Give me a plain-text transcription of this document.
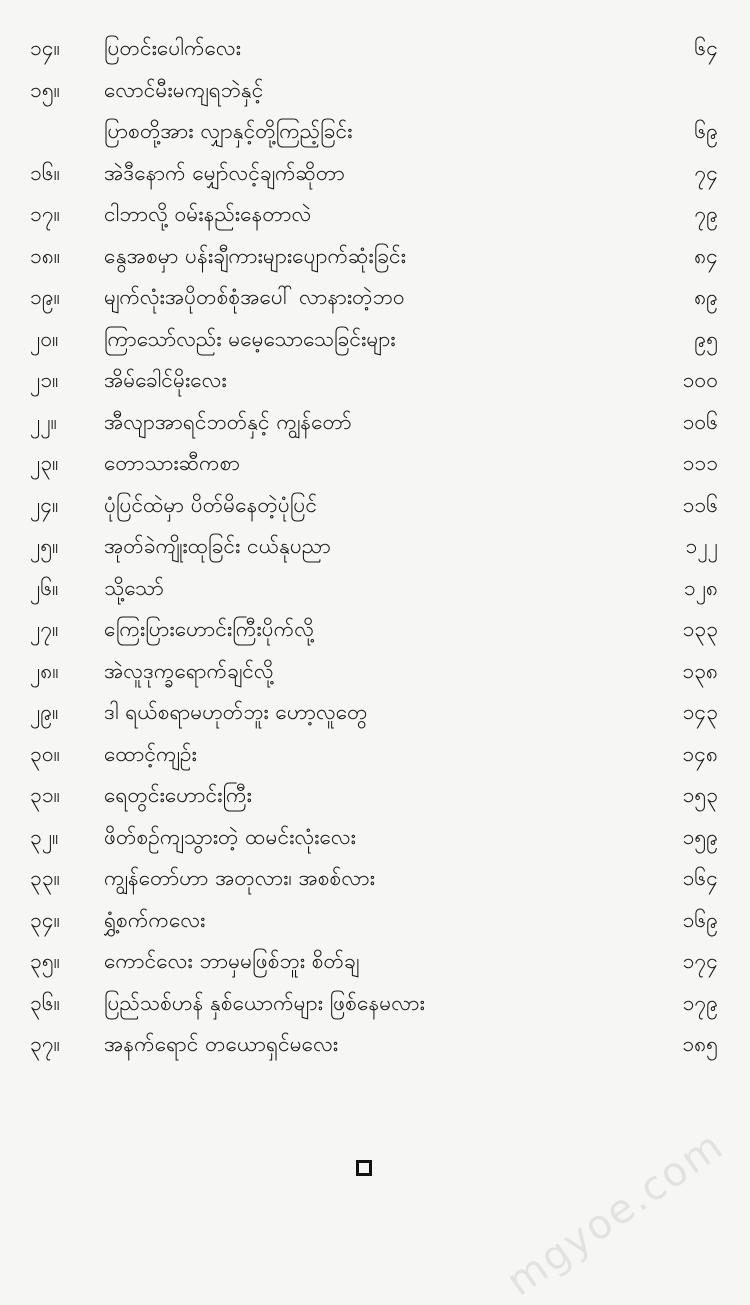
၁၄။	ပြတင်းပေါက်လေး	၆၄
၁၅။	လောင်မီးမကျရဘဲနှင့်
ပြာစတို့အား လျှာနှင့်တို့ကြည့်ခြင်း	၆၉
၁၆။	အဲဒီနောက် မျှော်လင့်ချက်ဆိုတာ	၇၄
၁၇။	ငါဘာလို့ ဝမ်းနည်းနေတာလဲ	၇၉
၁၈။	နွေအစမှာ ပန်းချီကားများပျောက်ဆုံးခြင်း	၈၄
၁၉။	မျက်လုံးအပိုတစ်စုံအပေါ် လာနားတဲ့ဘဝ	၈၉
၂၀။	ကြာသော်လည်း မမေ့သောသေခြင်းများ	၉၅
၂၁။	အိမ်ခေါင်မိုးလေး	၁၀၀
၂၂။	အီလျာအာရင်ဘတ်နှင့် ကျွန်တော်	၁၀၆
၂၃။	တောသားဆီကစာ	၁၁၁
၂၄။	ပုံပြင်ထဲမှာ ပိတ်မိနေတဲ့ပုံပြင်	၁၁၆
၂၅။	အုတ်ခဲကျိုးထုခြင်း ငယ်နုပညာ	၁၂၂
၂၆။	သို့သော်	၁၂၈
၂၇။	ကြေးပြားဟောင်းကြီးပိုက်လို့	၁၃၃
၂၈။	အဲလူဒုက္ခရောက်ချင်လို့	၁၃၈
၂၉။	ဒါ ရယ်စရာမဟုတ်ဘူး ဟော့လူတွေ	၁၄၃
၃၀။	ထောင့်ကျဉ်း	၁၄၈
၃၁။	ရေတွင်းဟောင်းကြီး	၁၅၃
၃၂။	ဖိတ်စဉ်ကျသွားတဲ့ ထမင်းလုံးလေး	၁၅၉
၃၃။	ကျွန်တော်ဟာ အတုလား၊ အစစ်လား	၁၆၄
၃၄။	ရွှံ့စက်ကလေး	၁၆၉
၃၅။	ကောင်လေး ဘာမှမဖြစ်ဘူး စိတ်ချ	၁၇၄
၃၆။	ပြည်သစ်ဟန် နှစ်ယောက်များ ဖြစ်နေမလား	၁၇၉
၃၇။	အနက်ရောင် တယောရှင်မလေး	၁၈၅
mgyoe.com
